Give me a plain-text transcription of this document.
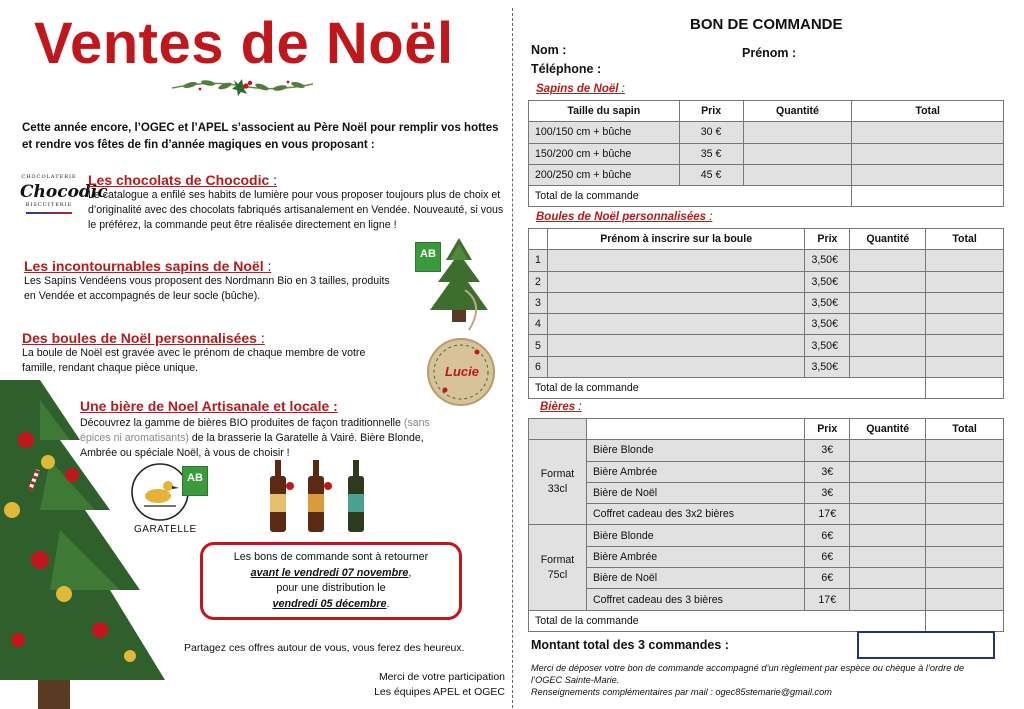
Ventes de Noël
Cette année encore, l’OGEC et l’APEL s’associent au Père Noël pour remplir vos hottes et rendre vos fêtes de fin d’année magiques en vous proposant :
CHOCOLATERIE
Chocodic
BISCUITERIE
Les chocolats de Chocodic :
Le catalogue a enfilé ses habits de lumière pour vous proposer toujours plus de choix et d’originalité avec des chocolats fabriqués artisanalement en Vendée. Nouveauté, si vous le préférez, la commande peut être réalisée directement en ligne !
Les incontournables sapins de Noël :
Les Sapins Vendéens vous proposent des Nordmann Bio en 3 tailles, produits en Vendée et accompagnés de leur socle (bûche).
AB
Des boules de Noël personnalisées :
La boule de Noël est gravée avec le prénom de chaque membre de votre famille, rendant chaque pièce unique.	Lucie
Une bière de Noel Artisanale et locale :
Découvrez la gamme de bières BIO produites de façon traditionnelle (sans épices ni aromatisants) de la brasserie la Garatelle à Vairé. Bière Blonde, Ambrée ou spéciale Noël, à vous de choisir !
GARATELLE
AB
Les bons de commande sont à retourner
avant le vendredi 07 novembre,
pour une distribution le
vendredi 05 décembre.
Partagez ces offres autour de vous, vous ferez des heureux.
Merci de votre participation
Les équipes APEL et OGEC
BON DE COMMANDE
Nom :	Prénom :
Téléphone :
Sapins de Noël :
Taille du sapin	Prix	Quantité	Total
100/150 cm + bûche	30 €		
150/200 cm + bûche	35 €		
200/250 cm + bûche	45 €		
Total de la commande			
Boules de Noël personnalisées :
	Prénom à inscrire sur la boule	Prix	Quantité	Total
1		3,50€		
2		3,50€		
3		3,50€		
4		3,50€		
5		3,50€		
6		3,50€		
Total de la commande				
Bières :
		Prix	Quantité	Total

Format
33cl	Bière Blonde	3€		
	Bière Ambrée	3€		
	Bière de Noël	3€		
	Coffret cadeau des 3x2 bières	17€		

Format
75cl	Bière Blonde	6€		
	Bière Ambrée	6€		
	Bière de Noël	6€		
	Coffret cadeau des 3 bières	17€		
Total de la commande				
Montant total des 3 commandes :
Merci de déposer votre bon de commande accompagné d’un règlement par espèce ou chèque à l’ordre de l’OGEC Sainte-Marie.
Renseignements complémentaires par mail : ogec85stemarie@gmail.com
